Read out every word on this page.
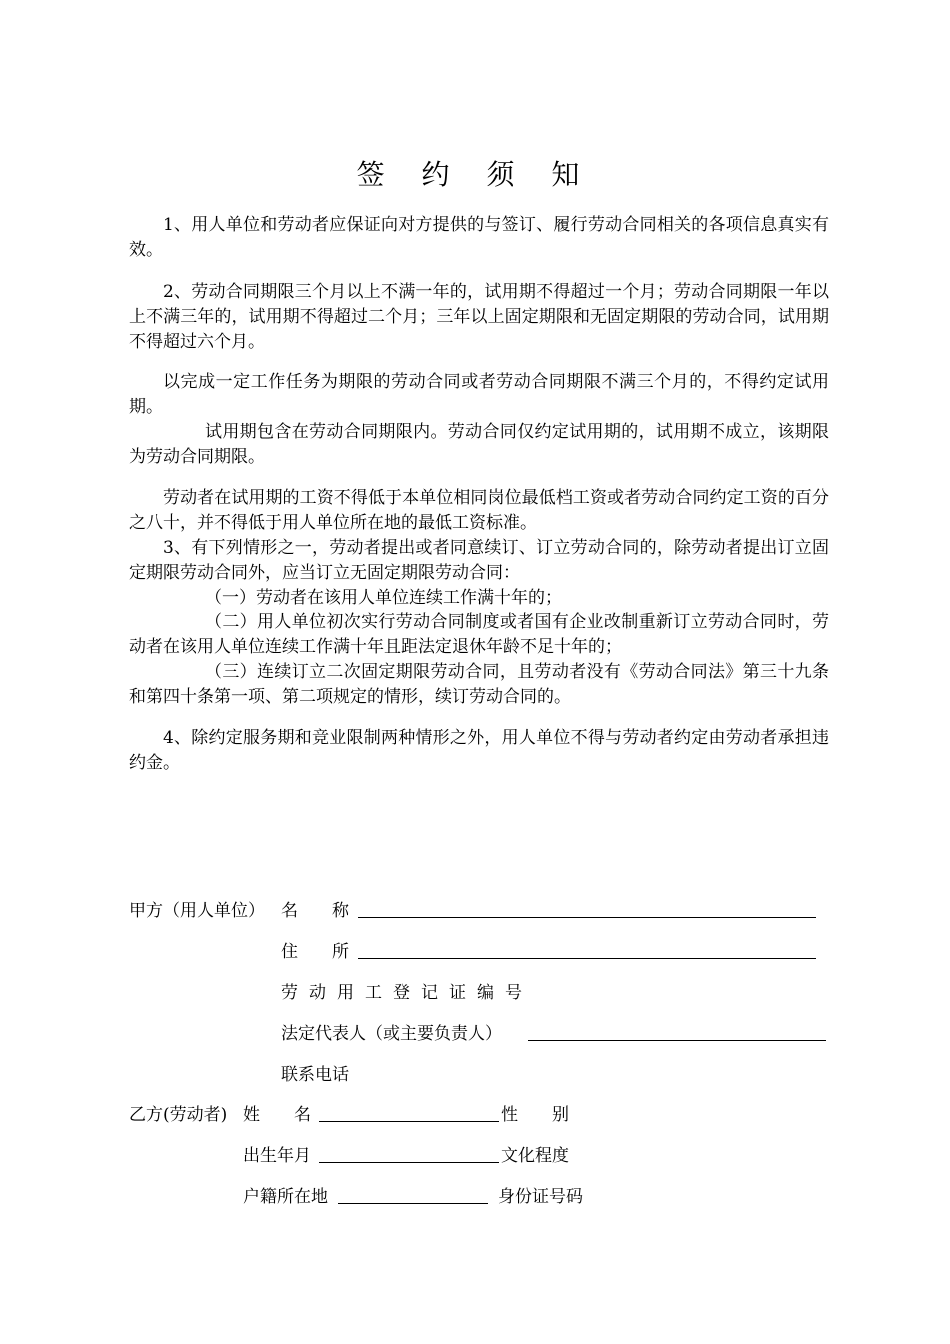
签 约 须 知
1、用人单位和劳动者应保证向对方提供的与签订、履行劳动合同相关的各项信息真实有效。
2、劳动合同期限三个月以上不满一年的，试用期不得超过一个月；劳动合同期限一年以上不满三年的，试用期不得超过二个月；三年以上固定期限和无固定期限的劳动合同，试用期不得超过六个月。
以完成一定工作任务为期限的劳动合同或者劳动合同期限不满三个月的，不得约定试用期。
试用期包含在劳动合同期限内。劳动合同仅约定试用期的，试用期不成立，该期限为劳动合同期限。
劳动者在试用期的工资不得低于本单位相同岗位最低档工资或者劳动合同约定工资的百分之八十，并不得低于用人单位所在地的最低工资标准。
3、有下列情形之一，劳动者提出或者同意续订、订立劳动合同的，除劳动者提出订立固定期限劳动合同外，应当订立无固定期限劳动合同：
（一）劳动者在该用人单位连续工作满十年的；
（二）用人单位初次实行劳动合同制度或者国有企业改制重新订立劳动合同时，劳动者在该用人单位连续工作满十年且距法定退休年龄不足十年的；
（三）连续订立二次固定期限劳动合同，且劳动者没有《劳动合同法》第三十九条和第四十条第一项、第二项规定的情形，续订劳动合同的。
4、除约定服务期和竞业限制两种情形之外，用人单位不得与劳动者约定由劳动者承担违约金。
甲方（用人单位） 名　　称
住　　所
劳动用工登记证编号
法定代表人（或主要负责人）
联系电话
乙方(劳动者) 姓　　名	性　　别
出生年月	文化程度
户籍所在地	身份证号码
